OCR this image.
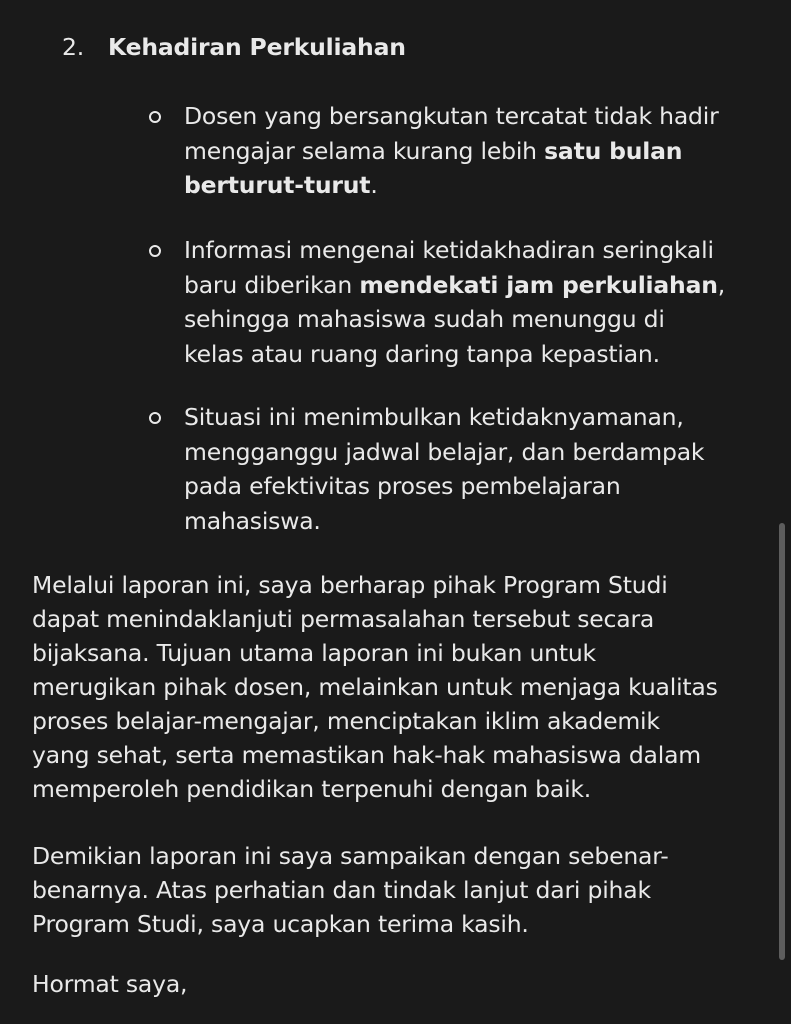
2. Kehadiran Perkuliahan
Dosen yang bersangkutan tercatat tidak hadir
mengajar selama kurang lebih satu bulan
berturut-turut.
Informasi mengenai ketidakhadiran seringkali
baru diberikan mendekati jam perkuliahan,
sehingga mahasiswa sudah menunggu di
kelas atau ruang daring tanpa kepastian.
Situasi ini menimbulkan ketidaknyamanan,
mengganggu jadwal belajar, dan berdampak
pada efektivitas proses pembelajaran
mahasiswa.
Melalui laporan ini, saya berharap pihak Program Studi
dapat menindaklanjuti permasalahan tersebut secara
bijaksana. Tujuan utama laporan ini bukan untuk
merugikan pihak dosen, melainkan untuk menjaga kualitas
proses belajar-mengajar, menciptakan iklim akademik
yang sehat, serta memastikan hak-hak mahasiswa dalam
memperoleh pendidikan terpenuhi dengan baik.
Demikian laporan ini saya sampaikan dengan sebenar-
benarnya. Atas perhatian dan tindak lanjut dari pihak
Program Studi, saya ucapkan terima kasih.
Hormat saya,
